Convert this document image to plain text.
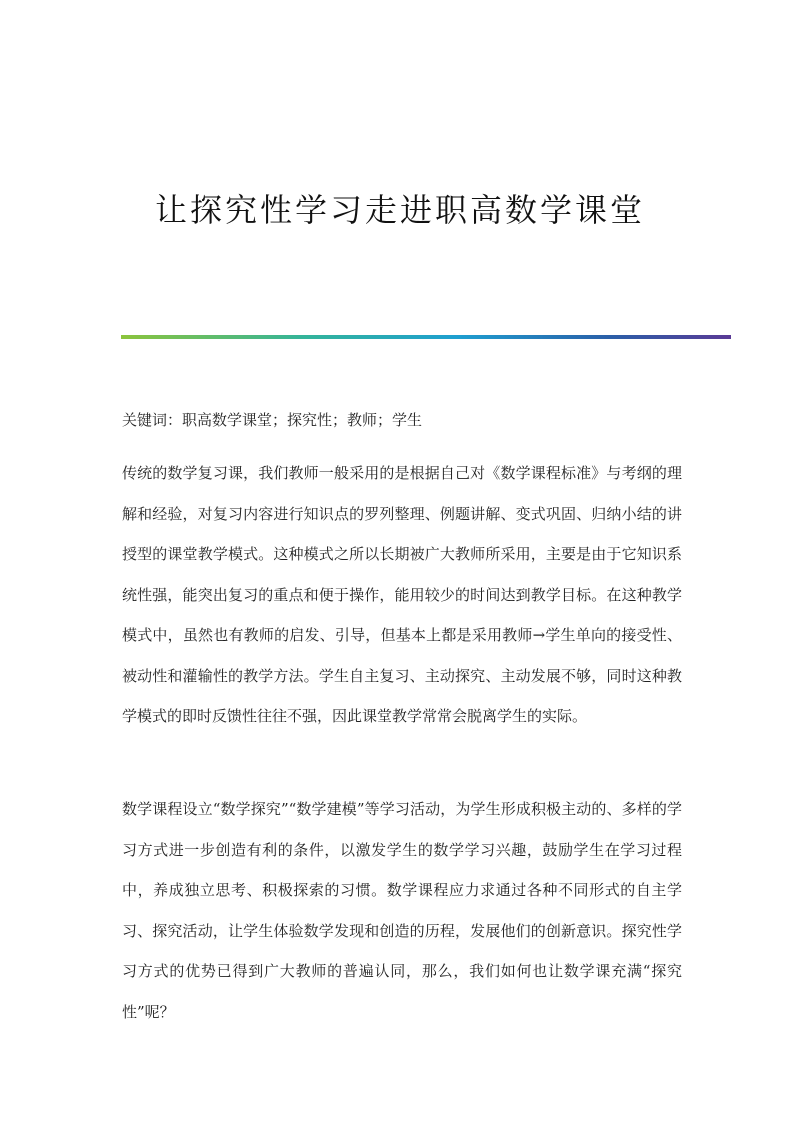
让探究性学习走进职高数学课堂

关键词：职高数学课堂；探究性；教师；学生

传统的数学复习课，我们教师一般采用的是根据自己对《数学课程标准》与考纲的理解和经验，对复习内容进行知识点的罗列整理、例题讲解、变式巩固、归纳小结的讲授型的课堂教学模式。这种模式之所以长期被广大教师所采用，主要是由于它知识系统性强，能突出复习的重点和便于操作，能用较少的时间达到教学目标。在这种教学模式中，虽然也有教师的启发、引导，但基本上都是采用教师→学生单向的接受性、被动性和灌输性的教学方法。学生自主复习、主动探究、主动发展不够，同时这种教学模式的即时反馈性往往不强，因此课堂教学常常会脱离学生的实际。

数学课程设立“数学探究”“数学建模”等学习活动，为学生形成积极主动的、多样的学习方式进一步创造有利的条件，以激发学生的数学学习兴趣，鼓励学生在学习过程中，养成独立思考、积极探索的习惯。数学课程应力求通过各种不同形式的自主学习、探究活动，让学生体验数学发现和创造的历程，发展他们的创新意识。探究性学习方式的优势已得到广大教师的普遍认同，那么，我们如何也让数学课充满“探究性”呢？
